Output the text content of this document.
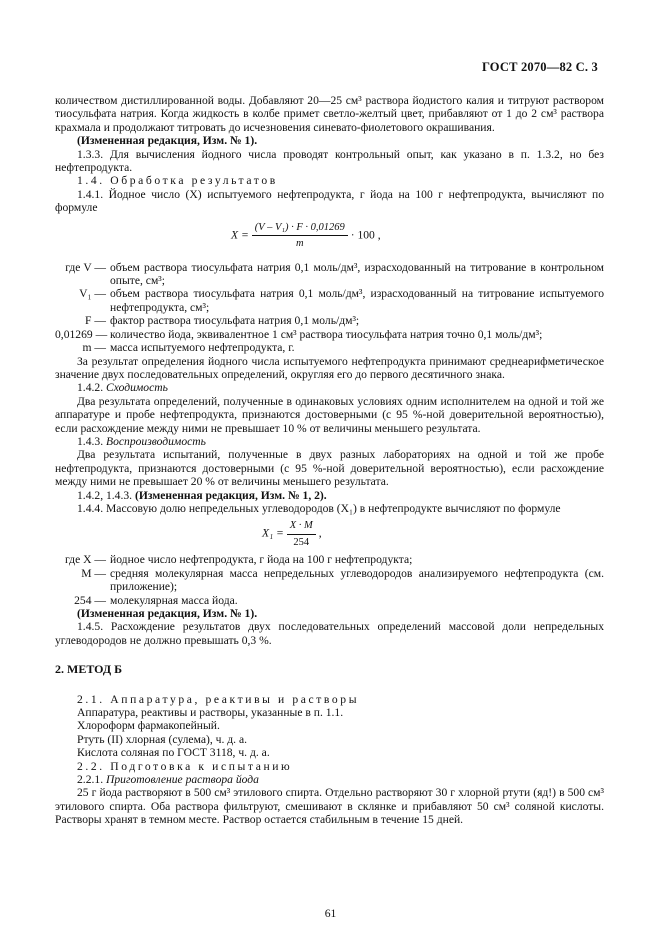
ГОСТ 2070—82 С. 3

количеством дистиллированной воды. Добавляют 20—25 см³ раствора йодистого калия и титруют раствором тиосульфата натрия. Когда жидкость в колбе примет светло-желтый цвет, прибавляют от 1 до 2 см³ раствора крахмала и продолжают титровать до исчезновения синевато-фиолетового окрашивания.

(Измененная редакция, Изм. № 1).

1.3.3. Для вычисления йодного числа проводят контрольный опыт, как указано в п. 1.3.2, но без нефтепродукта.

1.4. Обработка результатов

1.4.1. Йодное число (X) испытуемого нефтепродукта, г йода на 100 г нефтепродукта, вычисляют по формуле

$X = \frac{\text{(V – V₁) · F · 0,01269}}{m} \cdot 100$ ,
где V — объем раствора тиосульфата натрия 0,1 моль/дм³, израсходованный на титрование в контрольном опыте, см³;
V₁ — объем раствора тиосульфата натрия 0,1 моль/дм³, израсходованный на титрование испытуемого нефтепродукта, см³;
F — фактор раствора тиосульфата натрия 0,1 моль/дм³;
0,01269 — количество йода, эквивалентное 1 см³ раствора тиосульфата натрия точно 0,1 моль/дм³;
m — масса испытуемого нефтепродукта, г.

За результат определения йодного числа испытуемого нефтепродукта принимают среднеарифметическое значение двух последовательных определений, округляя его до первого десятичного знака.

1.4.2. Сходимость

Два результата определений, полученные в одинаковых условиях одним исполнителем на одной и той же аппаратуре и пробе нефтепродукта, признаются достоверными (с 95 %-ной доверительной вероятностью), если расхождение между ними не превышает 10 % от величины меньшего результата.

1.4.3. Воспроизводимость

Два результата испытаний, полученные в двух разных лабораториях на одной и той же пробе нефтепродукта, признаются достоверными (с 95 %-ной доверительной вероятностью), если расхождение между ними не превышает 20 % от величины меньшего результата.

1.4.2, 1.4.3. (Измененная редакция, Изм. № 1, 2).

1.4.4. Массовую долю непредельных углеводородов (X₁) в нефтепродукте вычисляют по формуле

$X_1 = \frac{X \cdot M}{254}$ ,
где X — йодное число нефтепродукта, г йода на 100 г нефтепродукта;
M — средняя молекулярная масса непредельных углеводородов анализируемого нефтепродукта (см. приложение);
254 — молекулярная масса йода.

(Измененная редакция, Изм. № 1).

1.4.5. Расхождение результатов двух последовательных определений массовой доли непредельных углеводородов не должно превышать 0,3 %.

2. МЕТОД Б

2.1. Аппаратура, реактивы и растворы

Аппаратура, реактивы и растворы, указанные в п. 1.1.

Хлороформ фармакопейный.

Ртуть (II) хлорная (сулема), ч. д. а.

Кислота соляная по ГОСТ 3118, ч. д. а.

2.2. Подготовка к испытанию

2.2.1. Приготовление раствора йода

25 г йода растворяют в 500 см³ этилового спирта. Отдельно растворяют 30 г хлорной ртути (яд!) в 500 см³ этилового спирта. Оба раствора фильтруют, смешивают в склянке и прибавляют 50 см³ соляной кислоты. Растворы хранят в темном месте. Раствор остается стабильным в течение 15 дней.

61
